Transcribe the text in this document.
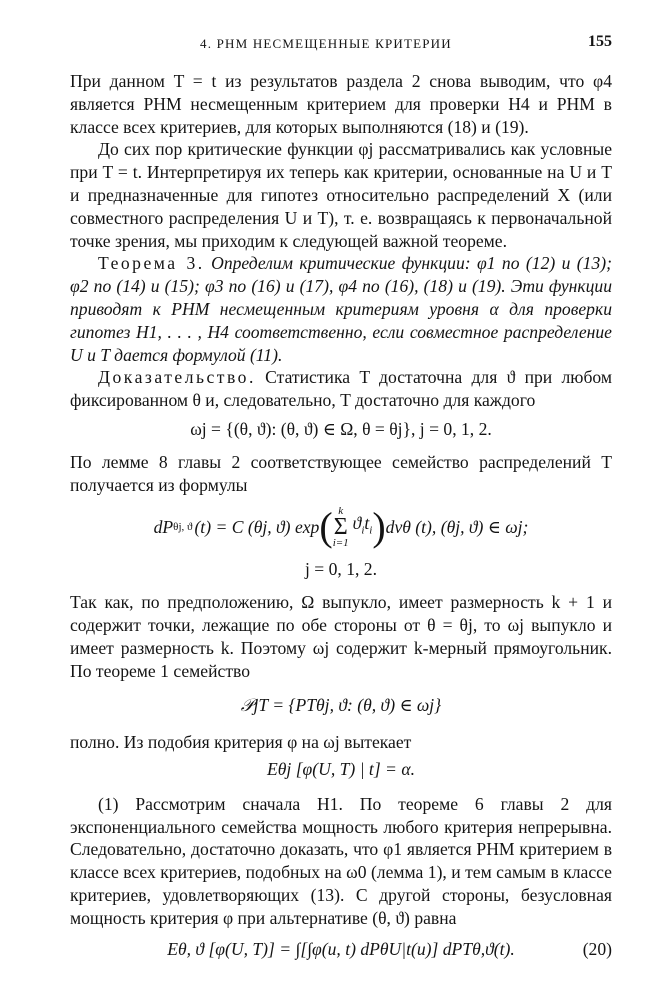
4. РНМ НЕСМЕЩЕННЫЕ КРИТЕРИИ	155

При данном T = t из результатов раздела 2 снова выводим, что φ4 является РНМ несмещенным критерием для проверки H4 и РНМ в классе всех критериев, для которых выполняются (18) и (19).

До сих пор критические функции φj рассматривались как условные при T = t. Интерпретируя их теперь как критерии, основанные на U и T и предназначенные для гипотез относительно распределений X (или совместного распределения U и T), т. е. возвращаясь к первоначальной точке зрения, мы приходим к следующей важной теореме.

Теорема 3. Определим критические функции: φ1 по (12) и (13); φ2 по (14) и (15); φ3 по (16) и (17), φ4 по (16), (18) и (19). Эти функции приводят к РНМ несмещенным критериям уровня α для проверки гипотез H1, . . . , H4 соответственно, если совместное распределение U и T дается формулой (11).

Доказательство. Статистика T достаточна для ϑ при любом фиксированном θ и, следовательно, T достаточно для каждого

ωj = {(θ, ϑ): (θ, ϑ) ∈ Ω, θ = θj}, j = 0, 1, 2.

По лемме 8 главы 2 соответствующее семейство распределений T получается из формулы

dP θj, ϑ (t) = C (θj, ϑ) exp ( k
Σ
i=1
$ϑ_it_i$ ) dνθ (t), (θj, ϑ) ∈ ωj;
j = 0, 1, 2.

Так как, по предположению, Ω выпукло, имеет размерность k + 1 и содержит точки, лежащие по обе стороны от θ = θj, то ωj выпукло и имеет размерность k. Поэтому ωj содержит k-мерный прямоугольник. По теореме 1 семейство

𝒫jT = {PTθj, ϑ: (θ, ϑ) ∈ ωj}

полно. Из подобия критерия φ на ωj вытекает

Eθj [φ(U, T) | t] = α.

(1) Рассмотрим сначала H1. По теореме 6 главы 2 для экспоненциального семейства мощность любого критерия непрерывна. Следовательно, достаточно доказать, что φ1 является РНМ критерием в классе всех критериев, подобных на ω0 (лемма 1), и тем самым в классе критериев, удовлетворяющих (13). С другой стороны, безусловная мощность критерия φ при альтернативе (θ, ϑ) равна

Eθ, ϑ [φ(U, T)] = ∫[∫φ(u, t) dPθU|t(u)] dPTθ,ϑ(t).	(20)
